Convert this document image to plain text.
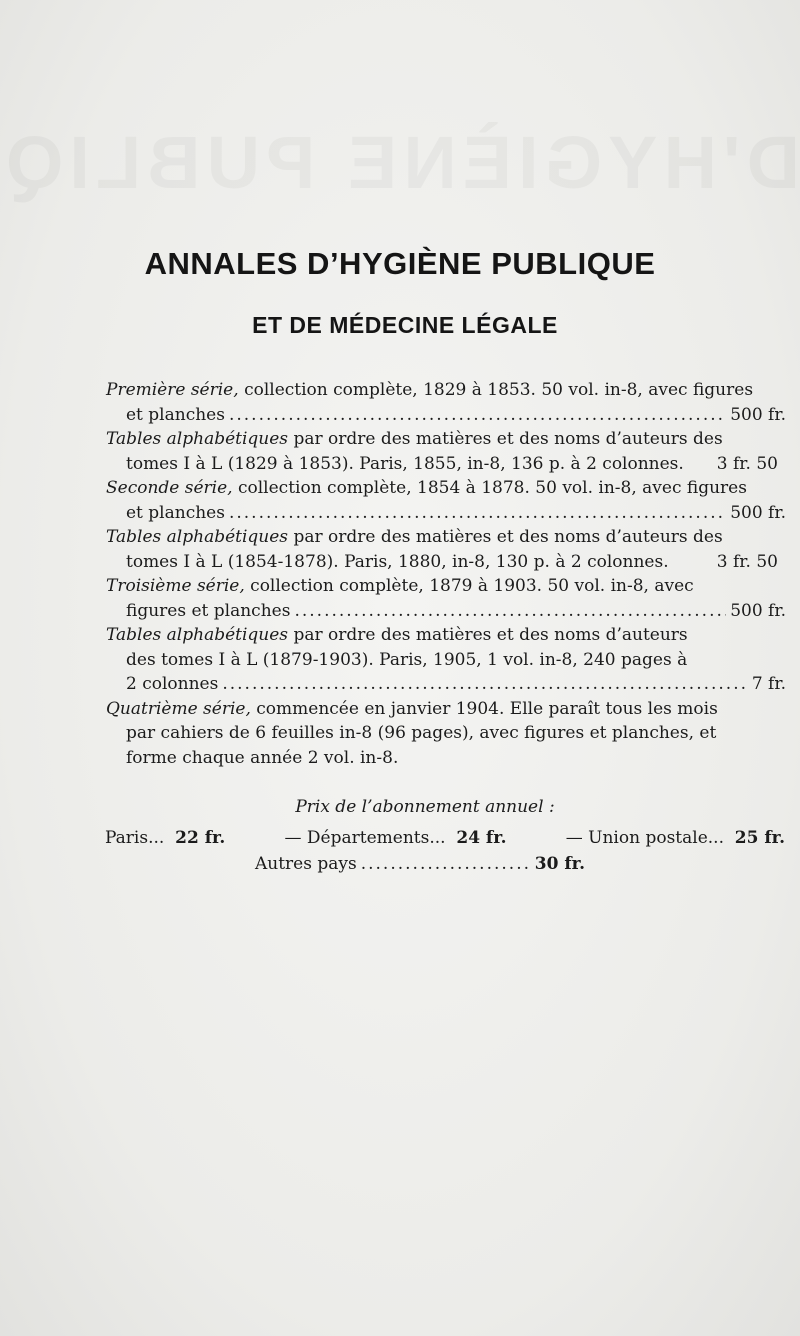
ANNALES D’HYGIÈNE PUBLIQUE
ET DE MÉDECINE LÉGALE
Première série, collection complète, 1829 à 1853. 50 vol. in-8, avec figures
et planches .....	500 fr.
Tables alphabétiques par ordre des matières et des noms d’auteurs des
tomes I à L (1829 à 1853). Paris, 1855, in-8, 136 p. à 2 colonnes. 3 fr. 50
Seconde série, collection complète, 1854 à 1878. 50 vol. in-8, avec figures
et planches .....	500 fr.
Tables alphabétiques par ordre des matières et des noms d’auteurs des
tomes I à L (1854-1878). Paris, 1880, in-8, 130 p. à 2 colonnes.	3 fr. 50
Troisième série, collection complète, 1879 à 1903. 50 vol. in-8, avec
figures et planches .....	500 fr.
Tables alphabétiques par ordre des matières et des noms d’auteurs
des tomes I à L (1879-1903). Paris, 1905, 1 vol. in-8, 240 pages à
2 colonnes .....	7 fr.
Quatrième série, commencée en janvier 1904. Elle paraît tous les mois
par cahiers de 6 feuilles in-8 (96 pages), avec figures et planches, et
forme chaque année 2 vol. in-8.
Prix de l’abonnement annuel :
Paris... 22 fr.	— Départements... 24 fr.	— Union postale... 25 fr.
Autres pays .....	30 fr.
